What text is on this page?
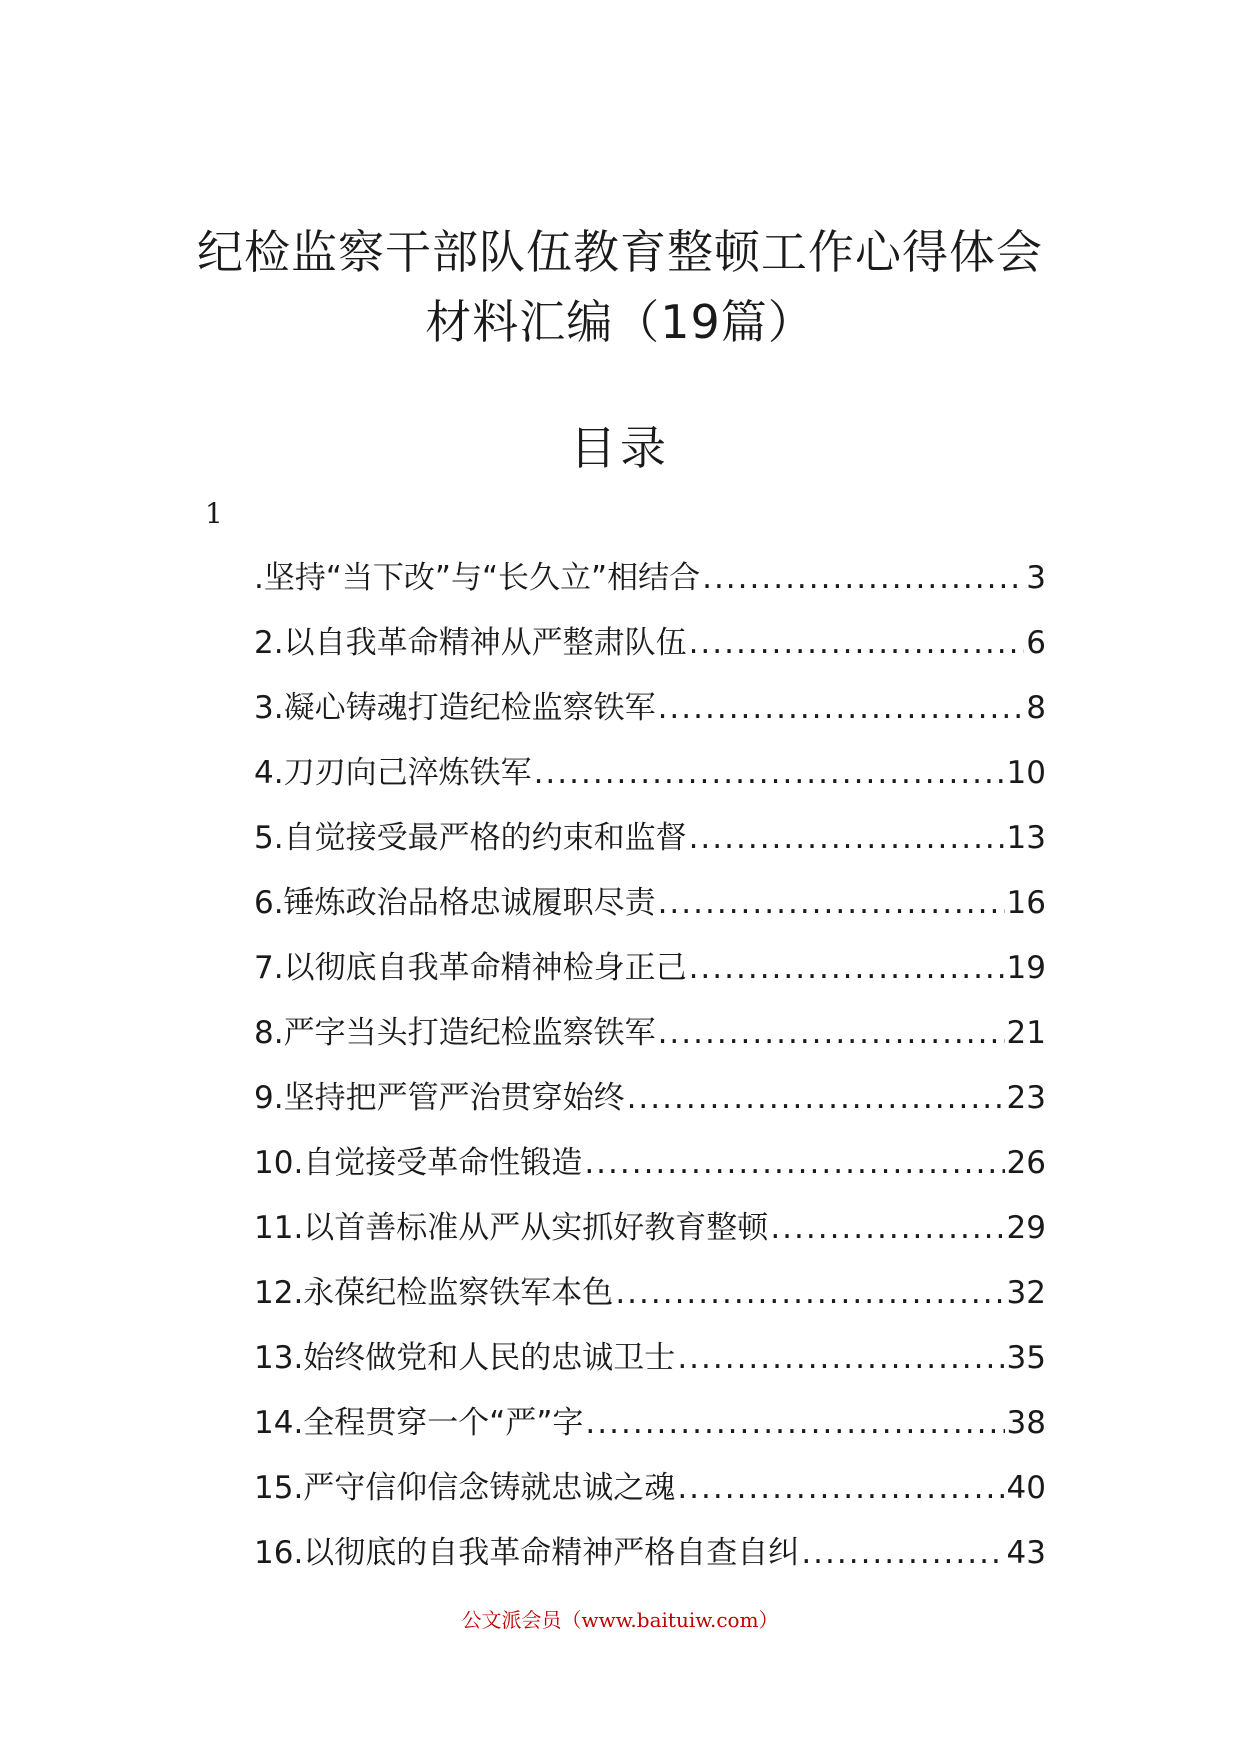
纪检监察干部队伍教育整顿工作心得体会
材料汇编（19篇）
目录
1
.坚持“当下改”与“长久立”相结合 .....	3
2.以自我革命精神从严整肃队伍 .....	6
3.凝心铸魂打造纪检监察铁军 .....	8
4.刀刃向己淬炼铁军 .....	10
5.自觉接受最严格的约束和监督 .....	13
6.锤炼政治品格忠诚履职尽责 .....	16
7.以彻底自我革命精神检身正己 .....	19
8.严字当头打造纪检监察铁军 .....	21
9.坚持把严管严治贯穿始终 .....	23
10.自觉接受革命性锻造 .....	26
11.以首善标准从严从实抓好教育整顿 .....	29
12.永葆纪检监察铁军本色 .....	32
13.始终做党和人民的忠诚卫士 .....	35
14.全程贯穿一个“严”字 .....	38
15.严守信仰信念铸就忠诚之魂 .....	40
16.以彻底的自我革命精神严格自查自纠 .....	43
公文派会员（www.baituiw.com）
